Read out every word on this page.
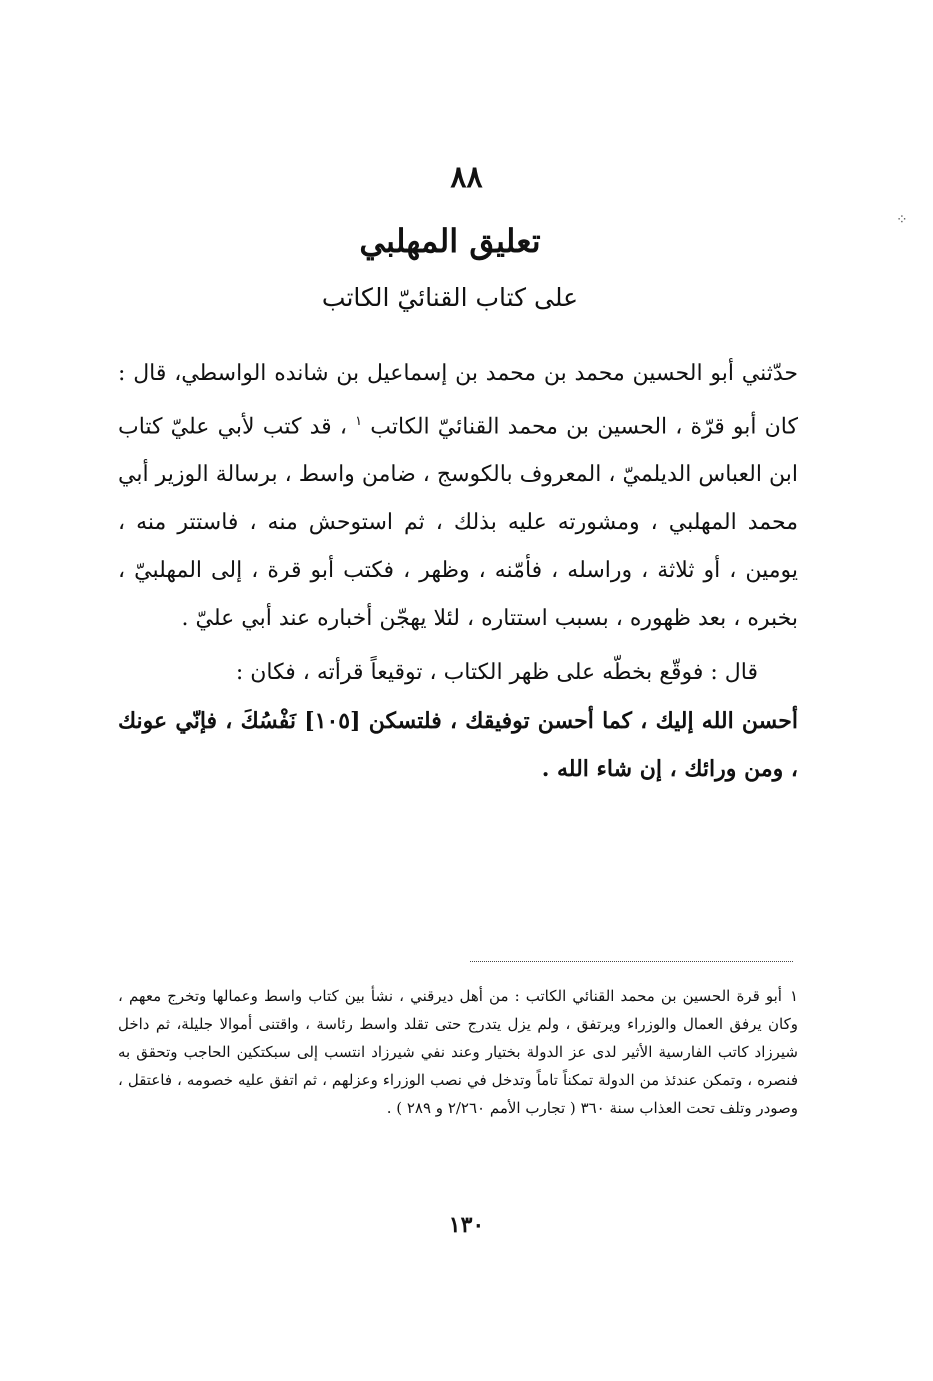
⁘
٨٨
تعليق المهلبي
على كتاب القنائيّ الكاتب

حدّثني أبو الحسين محمد بن محمد بن إسماعيل بن شانده الواسطي، قال : كان أبو قرّة ، الحسين بن محمد القنائيّ الكاتب $^١$ ، قد كتب لأبي عليّ كتاب ابن العباس الديلميّ ، المعروف بالكوسج ، ضامن واسط ، برسالة الوزير أبي محمد المهلبي ، ومشورته عليه بذلك ، ثم استوحش منه ، فاستتر منه ، يومين ، أو ثلاثة ، وراسله ، فأمّنه ، وظهر ، فكتب أبو قرة ، إلى المهلبيّ ، بخبره ، بعد ظهوره ، بسبب استتاره ، لئلا يهجّن أخباره عند أبي عليّ .

قال : فوقّع بخطّه على ظهر الكتاب ، توقيعاً قرأته ، فكان :

أحسن الله إليك ، كما أحسن توفيقك ، فلتسكن [١٠٥] نَفْسُكَ ، فإنّي عونك ، ومن ورائك ، إن شاء الله .

١أبو قرة الحسين بن محمد القنائي الكاتب : من أهل ديرقني ، نشأ بين كتاب واسط وعمالها وتخرج معهم ، وكان يرفق العمال والوزراء ويرتفق ، ولم يزل يتدرج حتى تقلد واسط رئاسة ، واقتنى أموالا جليلة، ثم داخل شيرزاد كاتب الفارسية الأثير لدى عز الدولة بختيار وعند نفي شيرزاد انتسب إلى سبكتكين الحاجب وتحقق به فنصره ، وتمكن عندئذ من الدولة تمكناً تاماً وتدخل في نصب الوزراء وعزلهم ، ثم اتفق عليه خصومه ، فاعتقل ، وصودر وتلف تحت العذاب سنة ٣٦٠ ( تجارب الأمم ٢/٢٦٠ و ٢٨٩ ) .

١٣٠
